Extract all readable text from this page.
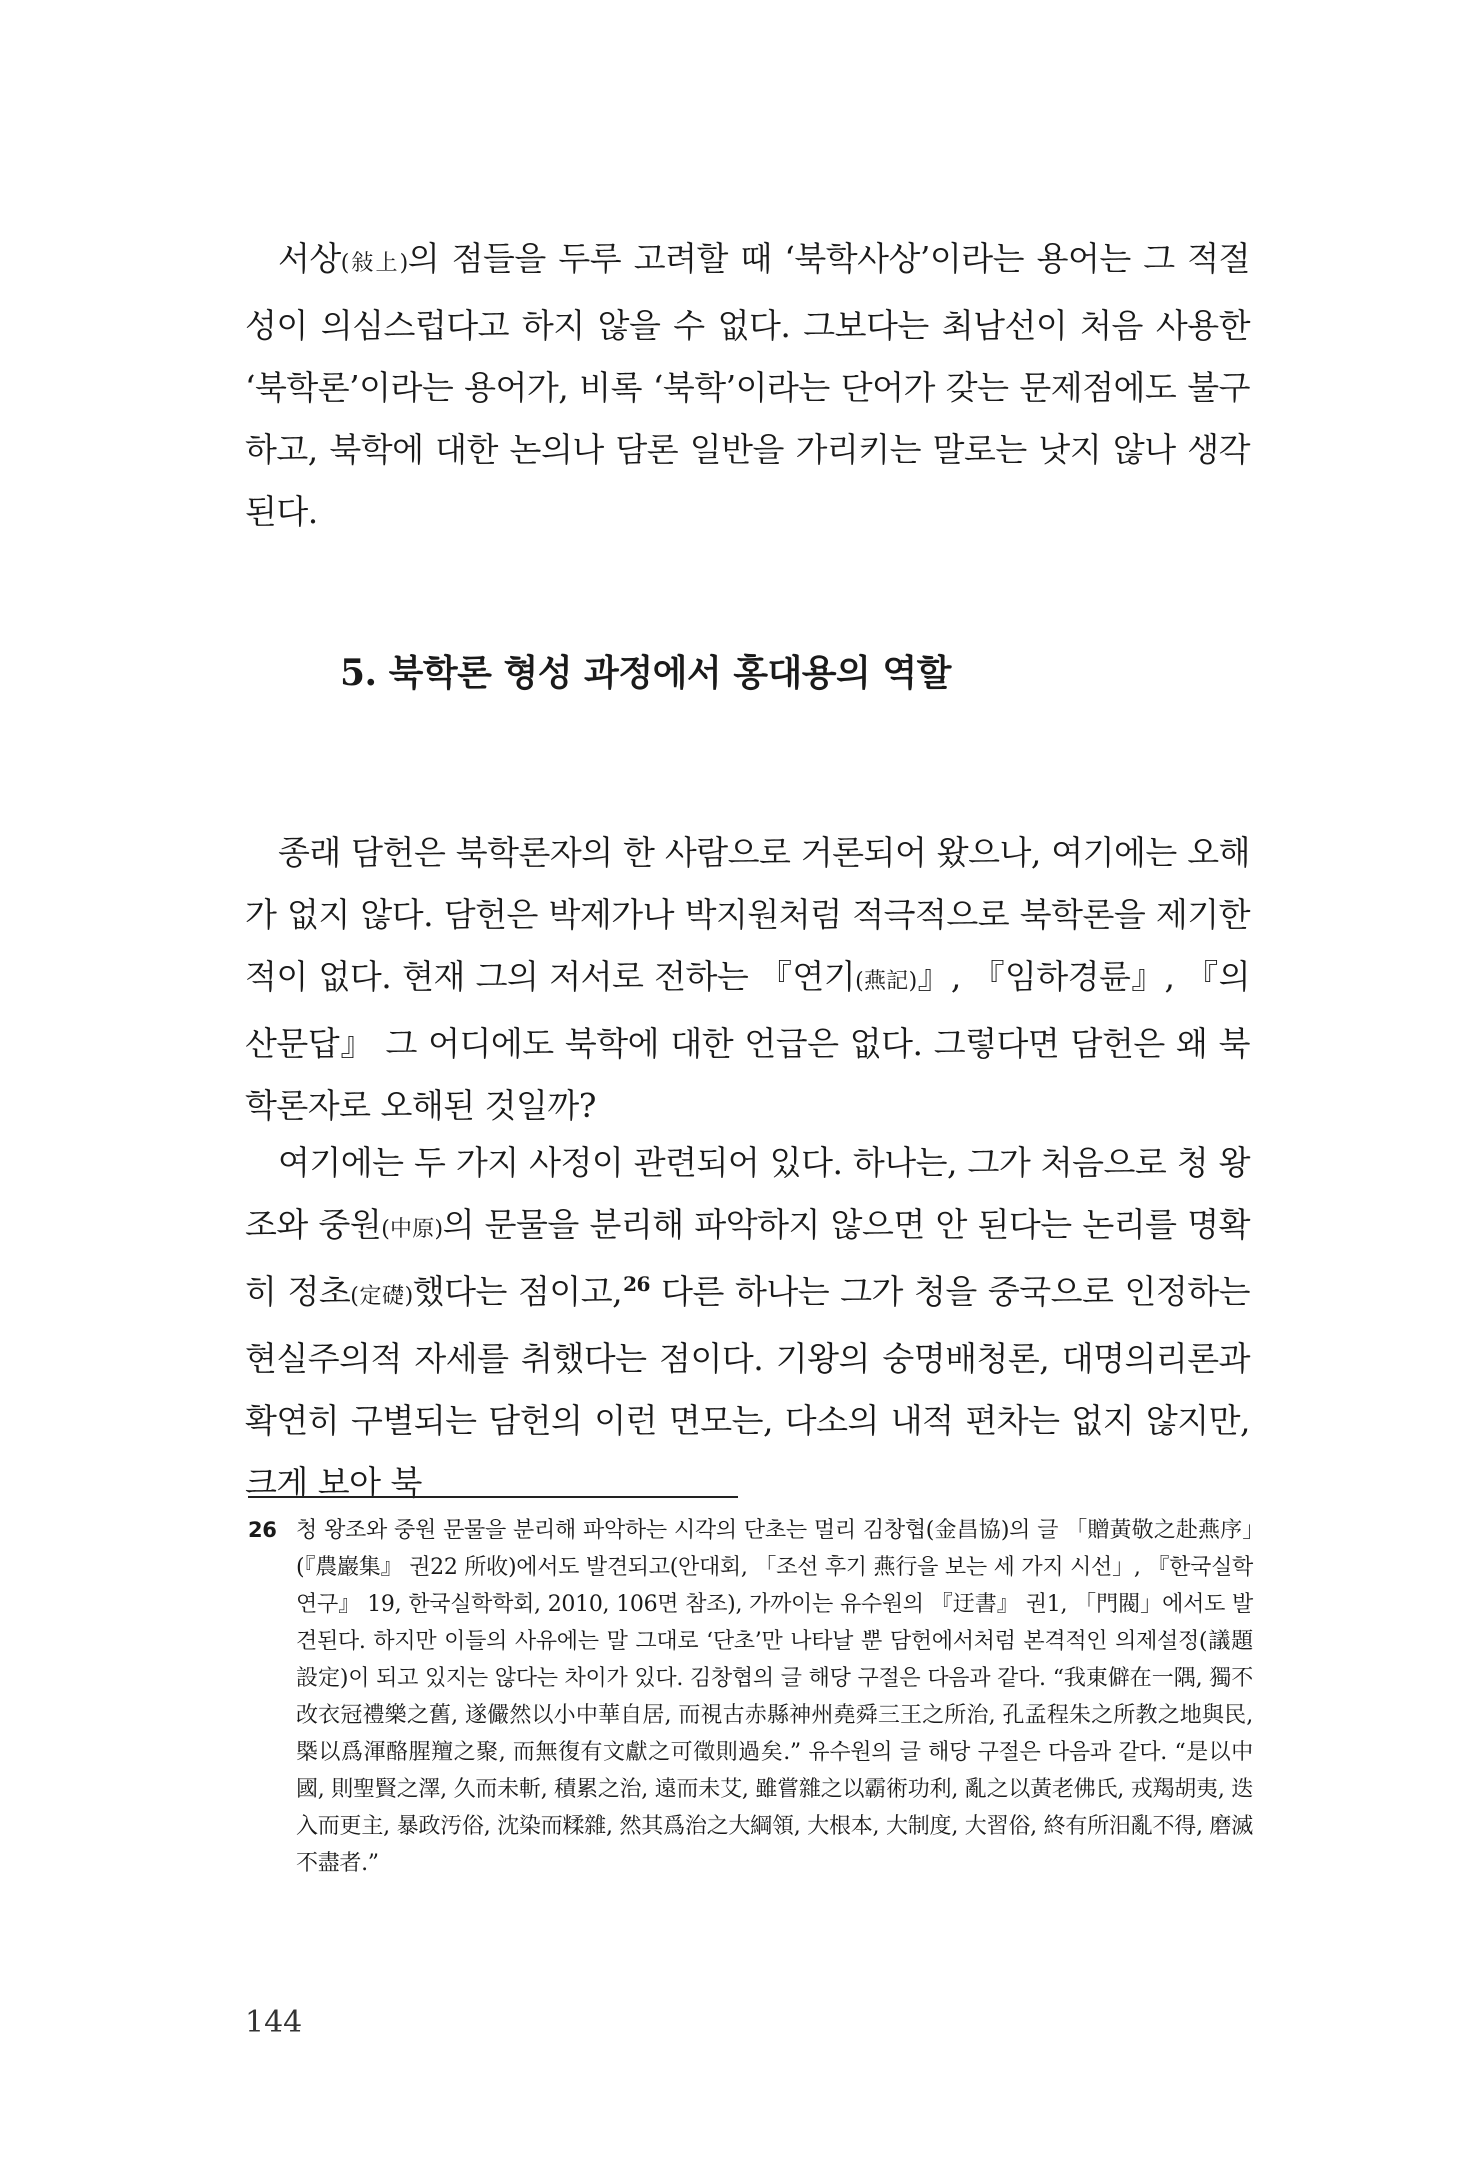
서상(敍上)의 점들을 두루 고려할 때 ‘북학사상’이라는 용어는 그 적절성이 의심스럽다고 하지 않을 수 없다. 그보다는 최남선이 처음 사용한 ‘북학론’이라는 용어가, 비록 ‘북학’이라는 단어가 갖는 문제점에도 불구하고, 북학에 대한 논의나 담론 일반을 가리키는 말로는 낫지 않나 생각된다.

5. 북학론 형성 과정에서 홍대용의 역할

종래 담헌은 북학론자의 한 사람으로 거론되어 왔으나, 여기에는 오해가 없지 않다. 담헌은 박제가나 박지원처럼 적극적으로 북학론을 제기한 적이 없다. 현재 그의 저서로 전하는 『연기(燕記)』, 『임하경륜』, 『의산문답』 그 어디에도 북학에 대한 언급은 없다. 그렇다면 담헌은 왜 북학론자로 오해된 것일까?

여기에는 두 가지 사정이 관련되어 있다. 하나는, 그가 처음으로 청 왕조와 중원(中原)의 문물을 분리해 파악하지 않으면 안 된다는 논리를 명확히 정초(定礎)했다는 점이고,$^{26}$ 다른 하나는 그가 청을 중국으로 인정하는 현실주의적 자세를 취했다는 점이다. 기왕의 숭명배청론, 대명의리론과 확연히 구별되는 담헌의 이런 면모는, 다소의 내적 편차는 없지 않지만, 크게 보아 북

26 청 왕조와 중원 문물을 분리해 파악하는 시각의 단초는 멀리 김창협(金昌協)의 글 「贈黃敬之赴燕序」(『農巖集』 권22 所收)에서도 발견되고(안대회, 「조선 후기 燕行을 보는 세 가지 시선」, 『한국실학연구』 19, 한국실학학회, 2010, 106면 참조), 가까이는 유수원의 『迂書』 권1, 「門閥」에서도 발견된다. 하지만 이들의 사유에는 말 그대로 ‘단초’만 나타날 뿐 담헌에서처럼 본격적인 의제설정(議題設定)이 되고 있지는 않다는 차이가 있다. 김창협의 글 해당 구절은 다음과 같다. “我東僻在一隅, 獨不改衣冠禮樂之舊, 遂儼然以小中華自居, 而視古赤縣神州堯舜三王之所治, 孔孟程朱之所教之地與民, 槩以爲渾酪腥羶之聚, 而無復有文獻之可徵則過矣.” 유수원의 글 해당 구절은 다음과 같다. “是以中國, 則聖賢之澤, 久而未斬, 積累之治, 遠而未艾, 雖嘗雜之以霸術功利, 亂之以黃老佛氏, 戎羯胡夷, 迭入而更主, 暴政汚俗, 沈染而糅雜, 然其爲治之大綱領, 大根本, 大制度, 大習俗, 終有所汨亂不得, 磨滅不盡者.”

144
